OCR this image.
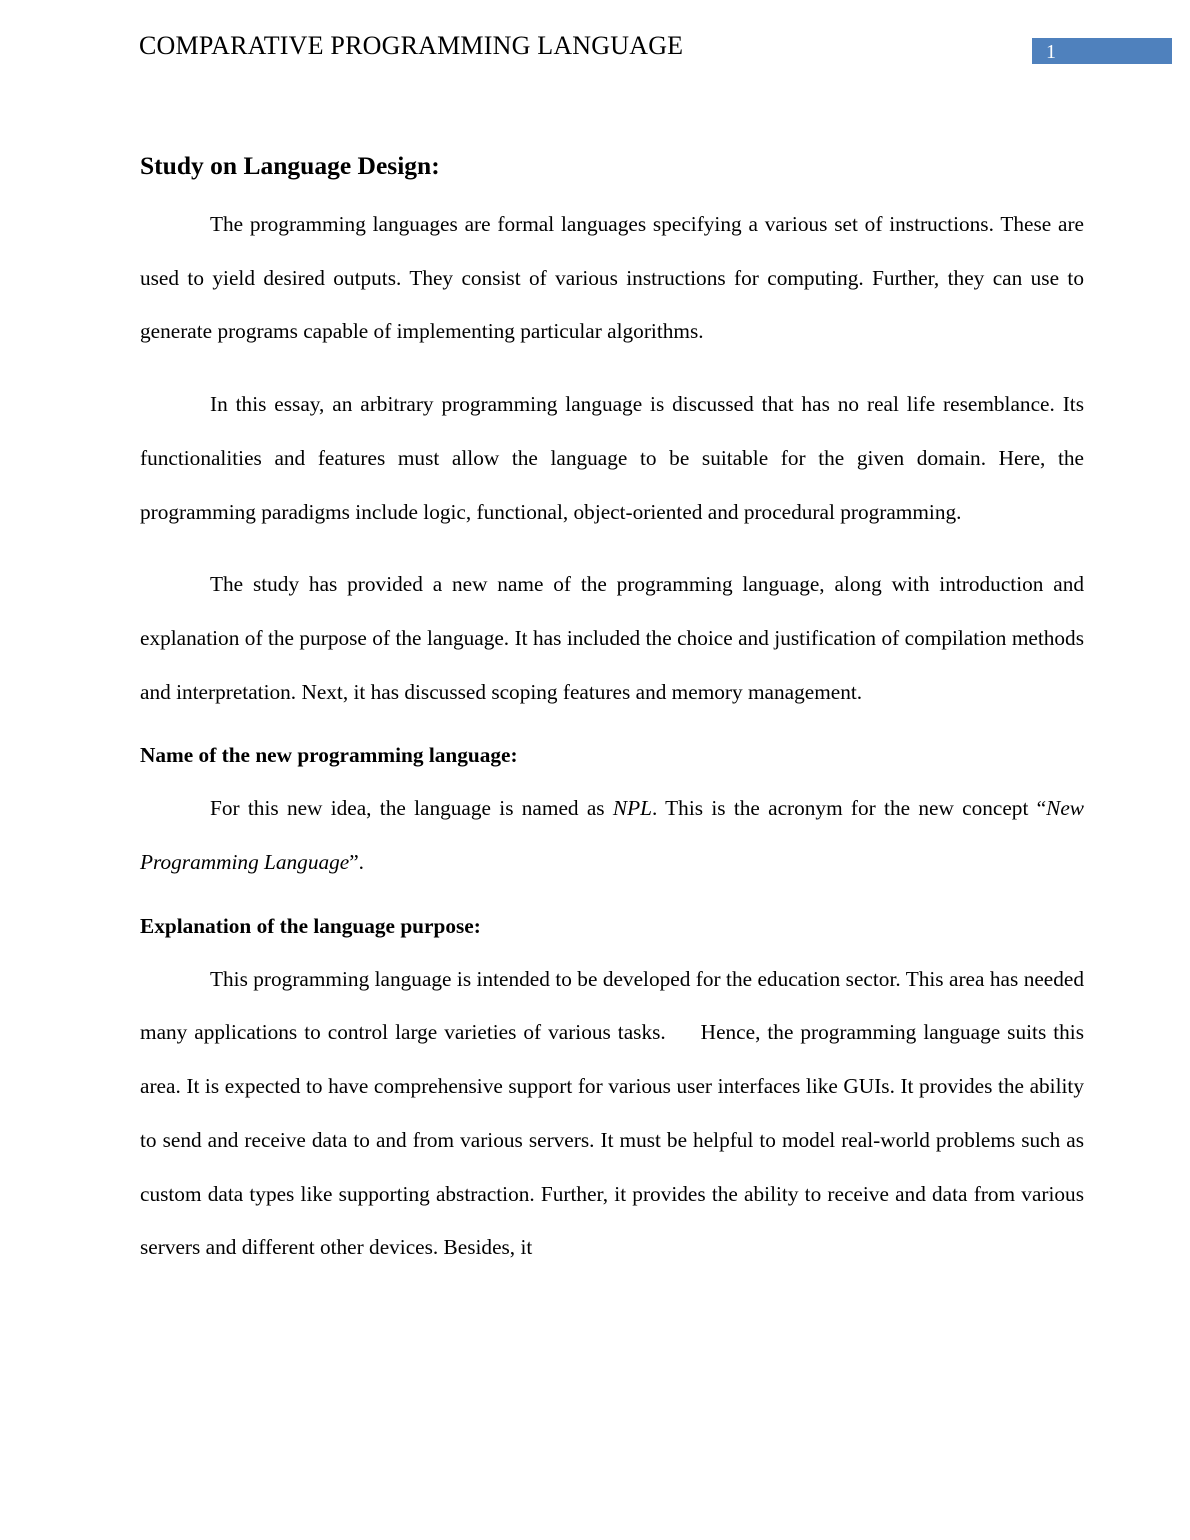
COMPARATIVE PROGRAMMING LANGUAGE	1
Study on Language Design:

The programming languages are formal languages specifying a various set of instructions. These are used to yield desired outputs. They consist of various instructions for computing. Further, they can use to generate programs capable of implementing particular algorithms.

In this essay, an arbitrary programming language is discussed that has no real life resemblance. Its functionalities and features must allow the language to be suitable for the given domain. Here, the programming paradigms include logic, functional, object-oriented and procedural programming.

The study has provided a new name of the programming language, along with introduction and explanation of the purpose of the language. It has included the choice and justification of compilation methods and interpretation. Next, it has discussed scoping features and memory management.

Name of the new programming language:

For this new idea, the language is named as NPL. This is the acronym for the new concept “New Programming Language”.

Explanation of the language purpose:

This programming language is intended to be developed for the education sector. This area has needed many applications to control large varieties of various tasks.     Hence, the programming language suits this area. It is expected to have comprehensive support for various user interfaces like GUIs. It provides the ability to send and receive data to and from various servers. It must be helpful to model real-world problems such as custom data types like supporting abstraction. Further, it provides the ability to receive and data from various servers and different other devices. Besides, it
